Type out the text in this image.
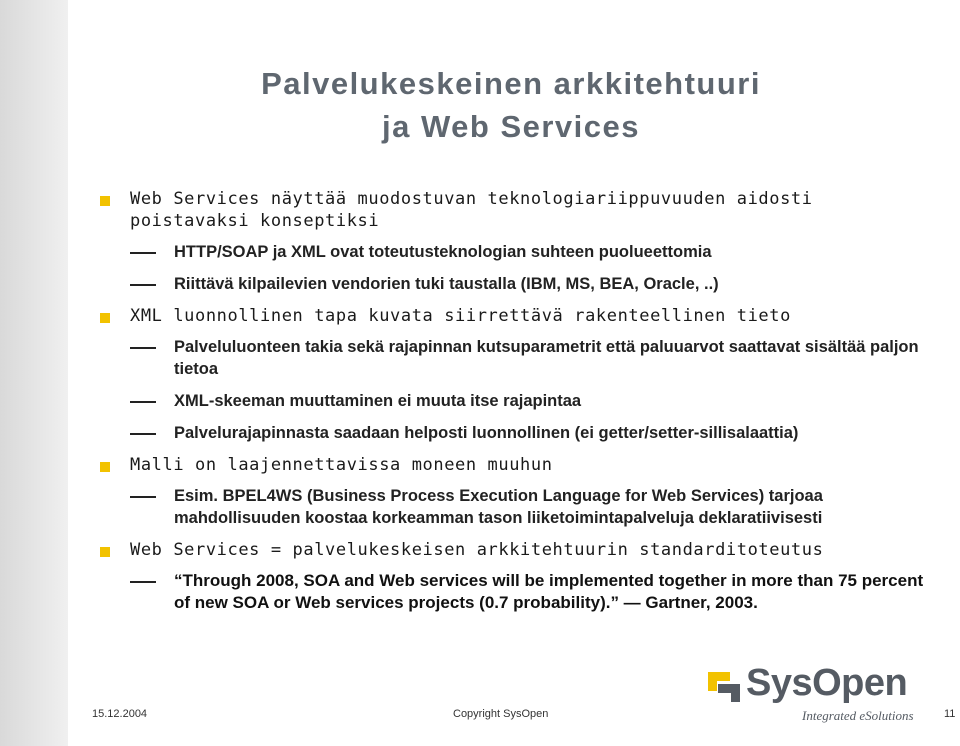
Palvelukeskeinen arkkitehtuuri
ja Web Services
Web Services näyttää muodostuvan teknologiariippuvuuden aidosti poistavaksi konseptiksi
HTTP/SOAP ja XML ovat toteutusteknologian suhteen puolueettomia
Riittävä kilpailevien vendorien tuki taustalla (IBM, MS, BEA, Oracle, ..)
XML luonnollinen tapa kuvata siirrettävä rakenteellinen tieto
Palveluluonteen takia sekä rajapinnan kutsuparametrit että paluuarvot saattavat sisältää paljon tietoa
XML-skeeman muuttaminen ei muuta itse rajapintaa
Palvelurajapinnasta saadaan helposti luonnollinen (ei getter/setter-sillisalaattia)
Malli on laajennettavissa moneen muuhun
Esim. BPEL4WS (Business Process Execution Language for Web Services) tarjoaa mahdollisuuden koostaa korkeamman tason liiketoimintapalveluja deklaratiivisesti
Web Services = palvelukeskeisen arkkitehtuurin standarditoteutus
“Through 2008, SOA and Web services will be implemented together in more than 75 percent of new SOA or Web services projects (0.7 probability).” — Gartner, 2003.
15.12.2004	Copyright SysOpen	11
SysOpen
Integrated eSolutions
